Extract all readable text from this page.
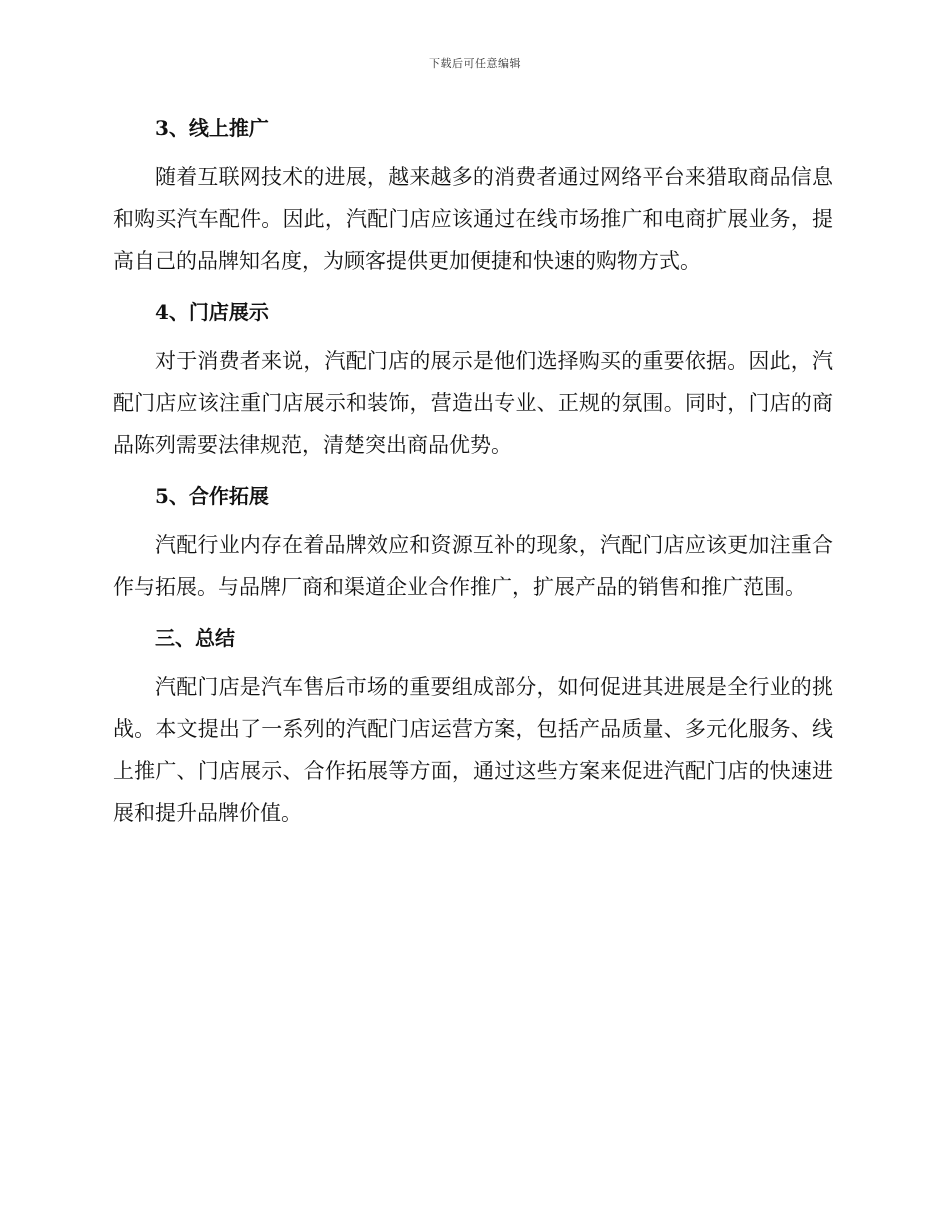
下载后可任意编辑
3、线上推广

随着互联网技术的进展，越来越多的消费者通过网络平台来猎取商品信息和购买汽车配件。因此，汽配门店应该通过在线市场推广和电商扩展业务，提高自己的品牌知名度，为顾客提供更加便捷和快速的购物方式。

4、门店展示

对于消费者来说，汽配门店的展示是他们选择购买的重要依据。因此，汽配门店应该注重门店展示和装饰，营造出专业、正规的氛围。同时，门店的商品陈列需要法律规范，清楚突出商品优势。

5、合作拓展

汽配行业内存在着品牌效应和资源互补的现象，汽配门店应该更加注重合作与拓展。与品牌厂商和渠道企业合作推广，扩展产品的销售和推广范围。

三、总结

汽配门店是汽车售后市场的重要组成部分，如何促进其进展是全行业的挑战。本文提出了一系列的汽配门店运营方案，包括产品质量、多元化服务、线上推广、门店展示、合作拓展等方面，通过这些方案来促进汽配门店的快速进展和提升品牌价值。
